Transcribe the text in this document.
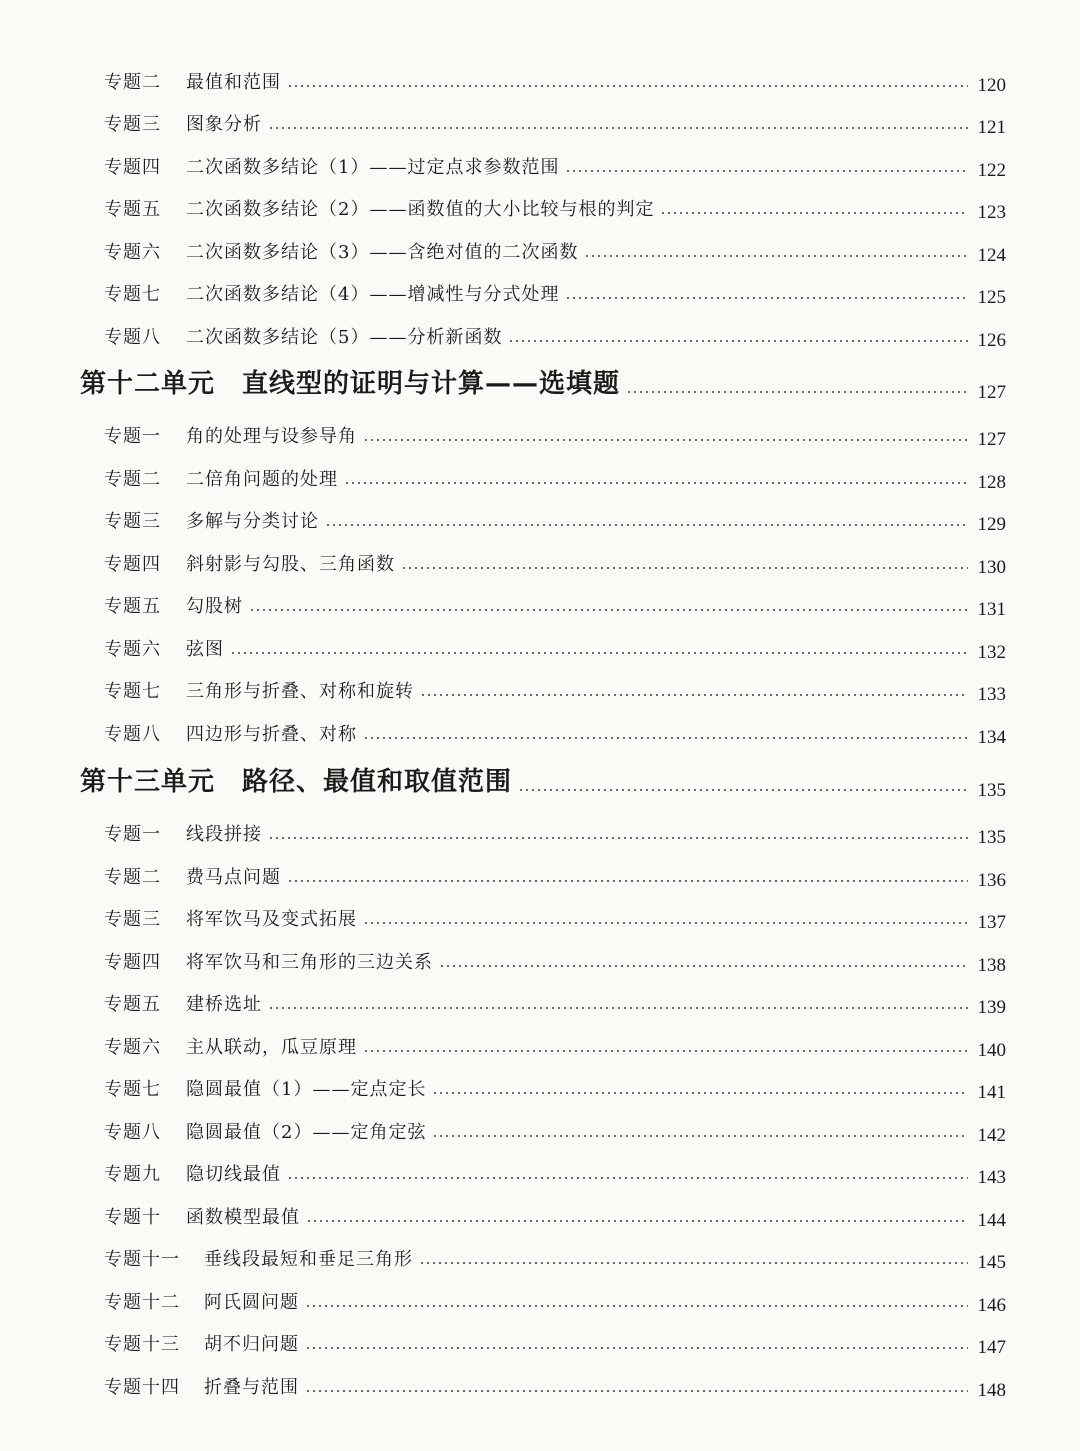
专题二	最值和范围	120
专题三	图象分析	121
专题四	二次函数多结论（1）——过定点求参数范围	122
专题五	二次函数多结论（2）——函数值的大小比较与根的判定	123
专题六	二次函数多结论（3）——含绝对值的二次函数	124
专题七	二次函数多结论（4）——增减性与分式处理	125
专题八	二次函数多结论（5）——分析新函数	126
第十二单元	直线型的证明与计算——选填题	127
专题一	角的处理与设参导角	127
专题二	二倍角问题的处理	128
专题三	多解与分类讨论	129
专题四	斜射影与勾股、三角函数	130
专题五	勾股树	131
专题六	弦图	132
专题七	三角形与折叠、对称和旋转	133
专题八	四边形与折叠、对称	134
第十三单元	路径、最值和取值范围	135
专题一	线段拼接	135
专题二	费马点问题	136
专题三	将军饮马及变式拓展	137
专题四	将军饮马和三角形的三边关系	138
专题五	建桥选址	139
专题六	主从联动，瓜豆原理	140
专题七	隐圆最值（1）——定点定长	141
专题八	隐圆最值（2）——定角定弦	142
专题九	隐切线最值	143
专题十	函数模型最值	144
专题十一	垂线段最短和垂足三角形	145
专题十二	阿氏圆问题	146
专题十三	胡不归问题	147
专题十四	折叠与范围	148
